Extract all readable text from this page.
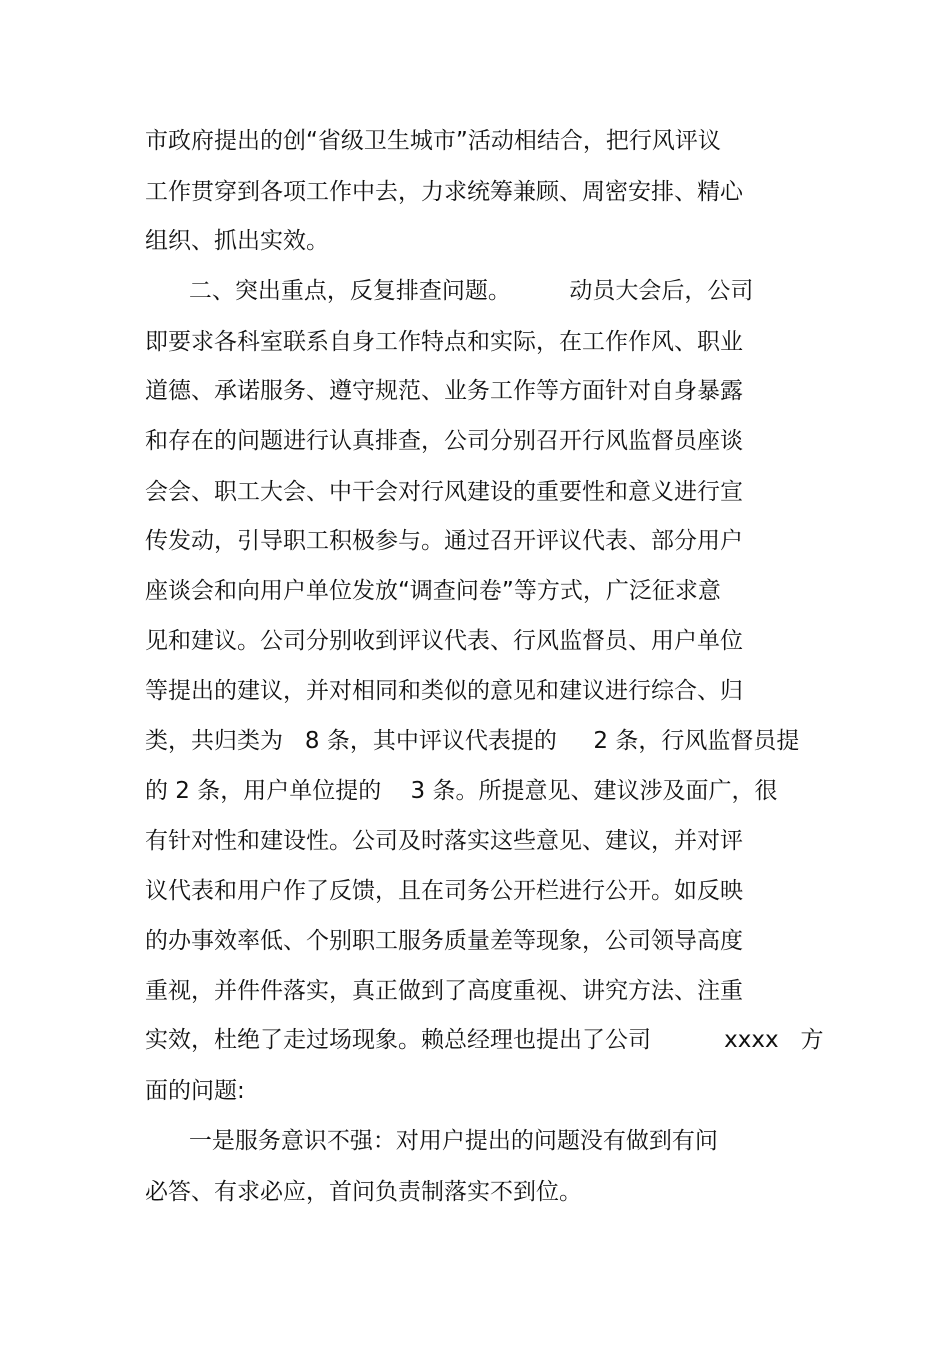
市政府提出的创“省级卫生城市”活动相结合，把行风评议
工作贯穿到各项工作中去，力求统筹兼顾、周密安排、精心
组织、抓出实效。
二、突出重点，反复排查问题。        动员大会后，公司
即要求各科室联系自身工作特点和实际，在工作作风、职业
道德、承诺服务、遵守规范、业务工作等方面针对自身暴露
和存在的问题进行认真排查，公司分别召开行风监督员座谈
会会、职工大会、中干会对行风建设的重要性和意义进行宣
传发动，引导职工积极参与。通过召开评议代表、部分用户
座谈会和向用户单位发放“调查问卷”等方式，广泛征求意
见和建议。公司分别收到评议代表、行风监督员、用户单位
等提出的建议，并对相同和类似的意见和建议进行综合、归
类，共归类为   8 条，其中评议代表提的     2 条，行风监督员提
的 2 条，用户单位提的    3 条。所提意见、建议涉及面广，很
有针对性和建设性。公司及时落实这些意见、建议，并对评
议代表和用户作了反馈，且在司务公开栏进行公开。如反映
的办事效率低、个别职工服务质量差等现象，公司领导高度
重视，并件件落实，真正做到了高度重视、讲究方法、注重
实效，杜绝了走过场现象。赖总经理也提出了公司          xxxx   方
面的问题:
一是服务意识不强：对用户提出的问题没有做到有问
必答、有求必应，首问负责制落实不到位。
